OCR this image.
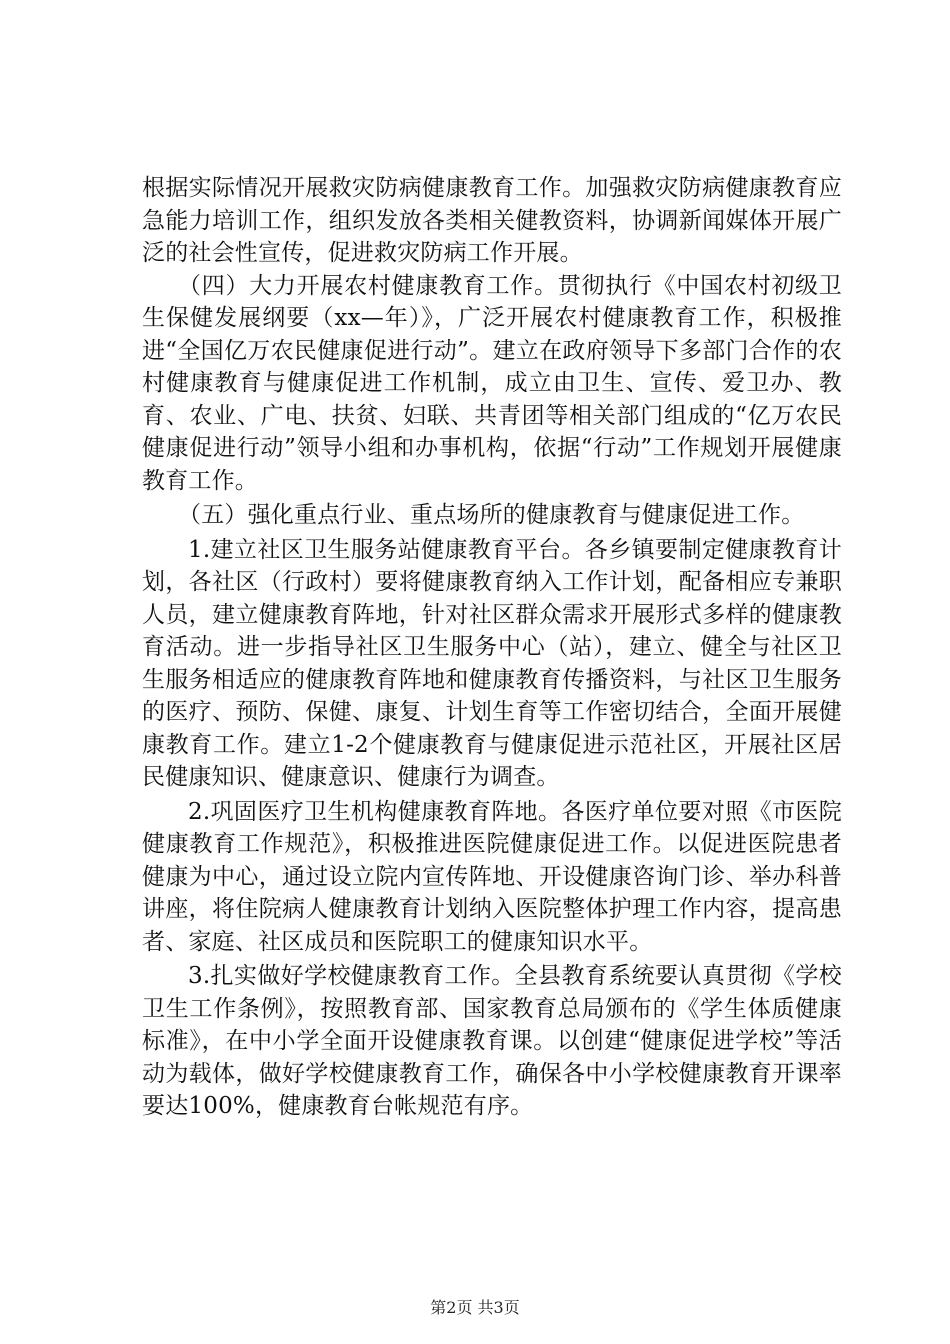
根据实际情况开展救灾防病健康教育工作。加强救灾防病健康教育应急能力培训工作，组织发放各类相关健教资料，协调新闻媒体开展广泛的社会性宣传，促进救灾防病工作开展。

（四）大力开展农村健康教育工作。贯彻执行《中国农村初级卫生保健发展纲要（xx—年）》，广泛开展农村健康教育工作，积极推进“全国亿万农民健康促进行动”。建立在政府领导下多部门合作的农村健康教育与健康促进工作机制，成立由卫生、宣传、爱卫办、教育、农业、广电、扶贫、妇联、共青团等相关部门组成的“亿万农民健康促进行动”领导小组和办事机构，依据“行动”工作规划开展健康教育工作。

（五）强化重点行业、重点场所的健康教育与健康促进工作。

1.建立社区卫生服务站健康教育平台。各乡镇要制定健康教育计划，各社区（行政村）要将健康教育纳入工作计划，配备相应专兼职人员，建立健康教育阵地，针对社区群众需求开展形式多样的健康教育活动。进一步指导社区卫生服务中心（站），建立、健全与社区卫生服务相适应的健康教育阵地和健康教育传播资料，与社区卫生服务的医疗、预防、保健、康复、计划生育等工作密切结合，全面开展健康教育工作。建立1-2个健康教育与健康促进示范社区，开展社区居民健康知识、健康意识、健康行为调查。

2.巩固医疗卫生机构健康教育阵地。各医疗单位要对照《市医院健康教育工作规范》，积极推进医院健康促进工作。以促进医院患者健康为中心，通过设立院内宣传阵地、开设健康咨询门诊、举办科普讲座，将住院病人健康教育计划纳入医院整体护理工作内容，提高患者、家庭、社区成员和医院职工的健康知识水平。

3.扎实做好学校健康教育工作。全县教育系统要认真贯彻《学校卫生工作条例》，按照教育部、国家教育总局颁布的《学生体质健康标准》，在中小学全面开设健康教育课。以创建“健康促进学校”等活动为载体，做好学校健康教育工作，确保各中小学校健康教育开课率要达100%，健康教育台帐规范有序。

第2页 共3页
